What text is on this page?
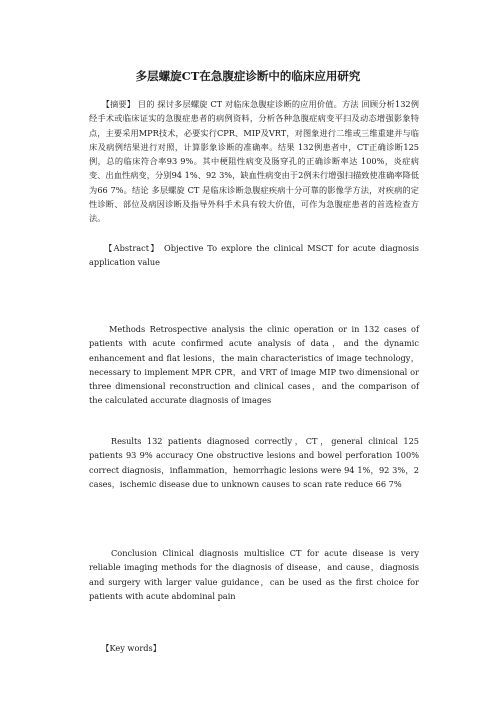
多层螺旋CT在急腹症诊断中的临床应用研究

　　【摘要】 目的 探讨多层螺旋 CT 对临床急腹症诊断的应用价值。方法 回顾分析132例经手术或临床证实的急腹症患者的病例资料，分析各种急腹症病变平扫及动态增强影象特点，主要采用MPR技术，必要实行CPR、MIP及VRT，对图象进行二维或三维重建并与临床及病例结果进行对照，计算影象诊断的准确率。结果 132例患者中，CT正确诊断125例，总的临床符合率93 9%。其中梗阻性病变及肠穿孔的正确诊断率达 100%，炎症病变、出血性病变，分别94 1%、92 3%，缺血性病变由于2例未行增强扫描致使准确率降低为66 7%。结论 多层螺旋 CT 是临床诊断急腹症疾病十分可靠的影像学方法，对疾病的定性诊断、部位及病因诊断及指导外科手术具有较大价值，可作为急腹症患者的首选检查方法。

　　【Abstract】 Objective To explore the clinical MSCT for acute diagnosis application value

　　Methods Retrospective analysis the clinic operation or in 132 cases of patients with acute confirmed acute analysis of data，and the dynamic enhancement and flat lesions，the main characteristics of image technology，necessary to implement MPR CPR，and VRT of image MIP two dimensional or three dimensional reconstruction and clinical cases，and the comparison of the calculated accurate diagnosis of images

　　Results 132 patients diagnosed correctly，CT，general clinical 125 patients 93 9% accuracy One obstructive lesions and bowel perforation 100% correct diagnosis，inflammation，hemorrhagic lesions were 94 1%，92 3%，2 cases，ischemic disease due to unknown causes to scan rate reduce 66 7%

　　Conclusion Clinical diagnosis multislice CT for acute disease is very reliable imaging methods for the diagnosis of disease，and cause，diagnosis and surgery with larger value guidance，can be used as the first choice for patients with acute abdominal pain

　　【Key words】
